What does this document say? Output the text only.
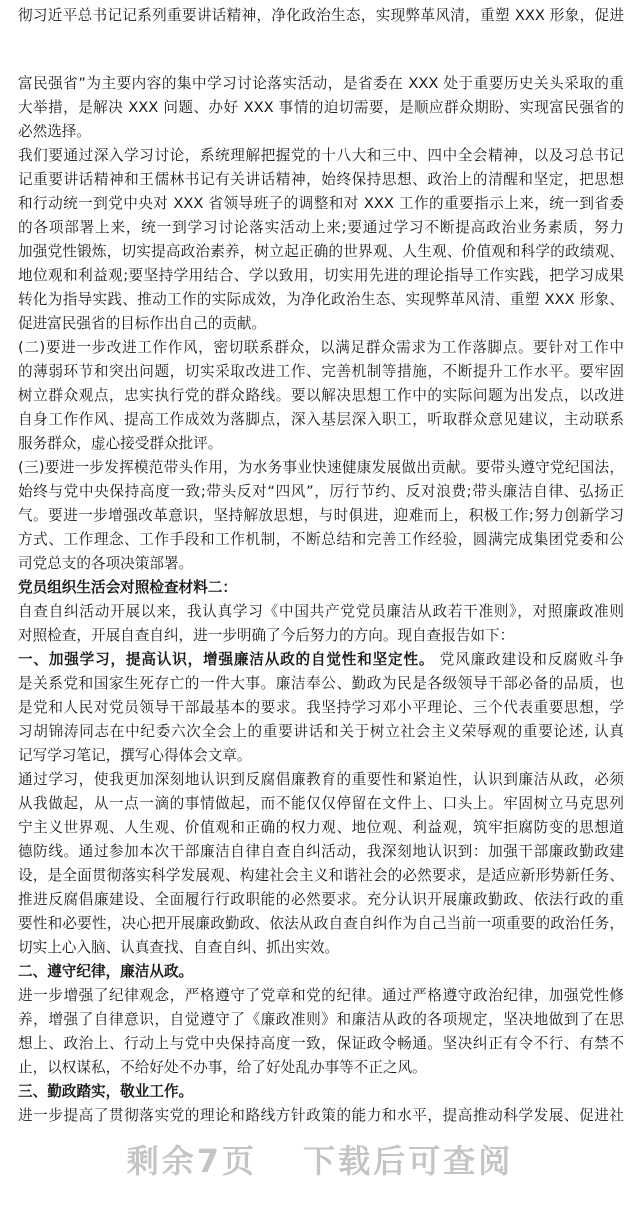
彻习近平总书记记系列重要讲话精神，净化政治生态，实现弊革风清，重塑 XXX 形象，促进
富民强省”为主要内容的集中学习讨论落实活动，是省委在 XXX 处于重要历史关头采取的重
大举措，是解决 XXX 问题、办好 XXX 事情的迫切需要，是顺应群众期盼、实现富民强省的
必然选择。
我们要通过深入学习讨论，系统理解把握党的十八大和三中、四中全会精神，以及习总书记
记重要讲话精神和王儒林书记有关讲话精神，始终保持思想、政治上的清醒和坚定，把思想
和行动统一到党中央对 XXX 省领导班子的调整和对 XXX 工作的重要指示上来，统一到省委
的各项部署上来，统一到学习讨论落实活动上来;要通过学习不断提高政治业务素质，努力
加强党性锻炼，切实提高政治素养，树立起正确的世界观、人生观、价值观和科学的政绩观、
地位观和利益观;要坚持学用结合、学以致用，切实用先进的理论指导工作实践，把学习成果
转化为指导实践、推动工作的实际成效，为净化政治生态、实现弊革风清、重塑 XXX 形象、
促进富民强省的目标作出自己的贡献。
(二)要进一步改进工作作风，密切联系群众，以满足群众需求为工作落脚点。要针对工作中
的薄弱环节和突出问题，切实采取改进工作、完善机制等措施，不断提升工作水平。要牢固
树立群众观点，忠实执行党的群众路线。要以解决思想工作中的实际问题为出发点，以改进
自身工作作风、提高工作成效为落脚点，深入基层深入职工，听取群众意见建议，主动联系
服务群众，虚心接受群众批评。
(三)要进一步发挥模范带头作用，为水务事业快速健康发展做出贡献。要带头遵守党纪国法，
始终与党中央保持高度一致;带头反对“四风”，厉行节约、反对浪费;带头廉洁自律、弘扬正
气。要进一步增强改革意识，坚持解放思想，与时俱进，迎难而上，积极工作;努力创新学习
方式、工作理念、工作手段和工作机制，不断总结和完善工作经验，圆满完成集团党委和公
司党总支的各项决策部署。
党员组织生活会对照检查材料二：
自查自纠活动开展以来，我认真学习《中国共产党党员廉洁从政若干准则》，对照廉政准则
对照检查，开展自查自纠，进一步明确了今后努力的方向。现自查报告如下：
一、加强学习，提高认识，增强廉洁从政的自觉性和坚定性。 党风廉政建设和反腐败斗争
是关系党和国家生死存亡的一件大事。廉洁奉公、勤政为民是各级领导干部必备的品质，也
是党和人民对党员领导干部最基本的要求。我坚持学习邓小平理论、三个代表重要思想，学
习胡锦涛同志在中纪委六次全会上的重要讲话和关于树立社会主义荣辱观的重要论述, 认真
记写学习笔记，撰写心得体会文章。
通过学习，使我更加深刻地认识到反腐倡廉教育的重要性和紧迫性，认识到廉洁从政，必须
从我做起，从一点一滴的事情做起，而不能仅仅停留在文件上、口头上。牢固树立马克思列
宁主义世界观、人生观、价值观和正确的权力观、地位观、利益观，筑牢拒腐防变的思想道
德防线。通过参加本次干部廉洁自律自查自纠活动，我深刻地认识到：加强干部廉政勤政建
设，是全面贯彻落实科学发展观、构建社会主义和谐社会的必然要求，是适应新形势新任务、
推进反腐倡廉建设、全面履行行政职能的必然要求。充分认识开展廉政勤政、依法行政的重
要性和必要性，决心把开展廉政勤政、依法从政自查自纠作为自己当前一项重要的政治任务，
切实上心入脑、认真查找、自查自纠、抓出实效。
二、遵守纪律，廉洁从政。
进一步增强了纪律观念，严格遵守了党章和党的纪律。通过严格遵守政治纪律，加强党性修
养，增强了自律意识，自觉遵守了《廉政准则》和廉洁从政的各项规定，坚决地做到了在思
想上、政治上、行动上与党中央保持高度一致，保证政令畅通。坚决纠正有令不行、有禁不
止，以权谋私，不给好处不办事，给了好处乱办事等不正之风。
三、勤政踏实，敬业工作。
进一步提高了贯彻落实党的理论和路线方针政策的能力和水平，提高推动科学发展、促进社
剩余7页 下载后可查阅
